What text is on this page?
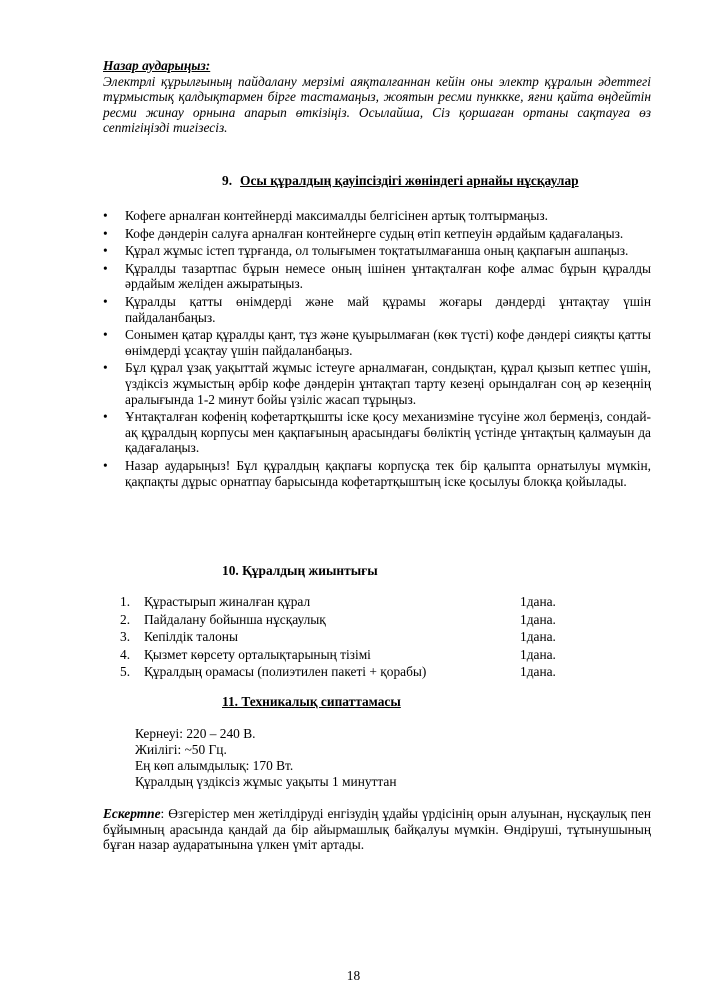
Назар аударыңыз:
Электрлі құрылғының пайдалану мерзімі аяқталғаннан кейін оны электр құралын әдеттегі тұрмыстық қалдықтармен бірге тастамаңыз, жоятын ресми пунккке, яғни қайта өңдейтін ресми жинау орнына апарып өткізіңіз. Осылайша, Сіз қоршаған ортаны сақтауға өз септігіңізді тигізесіз.
9. Осы құралдың қауіпсіздігі жөніндегі арнайы нұсқаулар
• Кофеге арналған контейнерді максималды белгісінен артық толтырмаңыз.
• Кофе дәндерін салуға арналған контейнерге судың өтіп кетпеуін әрдайым қадағалаңыз.
• Құрал жұмыс істеп тұрғанда, ол толығымен тоқтатылмағанша оның қақпағын ашпаңыз.
• Құралды тазартпас бұрын немесе оның ішінен ұнтақталған кофе алмас бұрын құралды әрдайым желіден ажыратыңыз.
• Құралды қатты өнімдерді және май құрамы жоғары дәндерді ұнтақтау үшін пайдаланбаңыз.
• Сонымен қатар құралды қант, тұз және қуырылмаған (көк түсті) кофе дәндері сияқты қатты өнімдерді ұсақтау үшін пайдаланбаңыз.
• Бұл құрал ұзақ уақыттай жұмыс істеуге арналмаған, сондықтан, құрал қызып кетпес үшін, үздіксіз жұмыстың әрбір кофе дәндерін ұнтақтап тарту кезеңі орындалған соң әр кезеңнің аралығында 1-2 минут бойы үзіліс жасап тұрыңыз.
• Ұнтақталған кофенің кофетартқышты іске қосу механизміне түсуіне жол бермеңіз, сондай-ақ құралдың корпусы мен қақпағының арасындағы бөліктің үстінде ұнтақтың қалмауын да қадағалаңыз.
• Назар аударыңыз! Бұл құралдың қақпағы корпусқа тек бір қалыпта орнатылуы мүмкін, қақпақты дұрыс орнатпау барысында кофетартқыштың іске қосылуы блокқа қойылады.
10. Құралдың жиынтығы
1.	Құрастырып жиналған құрал	1дана.
2.	Пайдалану бойынша нұсқаулық	1дана.
3.	Кепілдік талоны	1дана.
4.	Қызмет көрсету орталықтарының тізімі	1дана.
5.	Құралдың орамасы (полиэтилен пакеті + қорабы)	1дана.
11. Техникалық сипаттамасы
Кернеуі: 220 – 240 В.
Жиілігі: ~50 Гц.
Ең көп алымдылық: 170 Вт.
Құралдың үздіксіз жұмыс уақыты 1 минуттан
Ескертпе: Өзгерістер мен жетілдіруді енгізудің ұдайы үрдісінің орын алуынан, нұсқаулық пен бұйымның арасында қандай да бір айырмашлық байқалуы мүмкін. Өндіруші, тұтынушының бұған назар аударатынына үлкен үміт артады.
18
